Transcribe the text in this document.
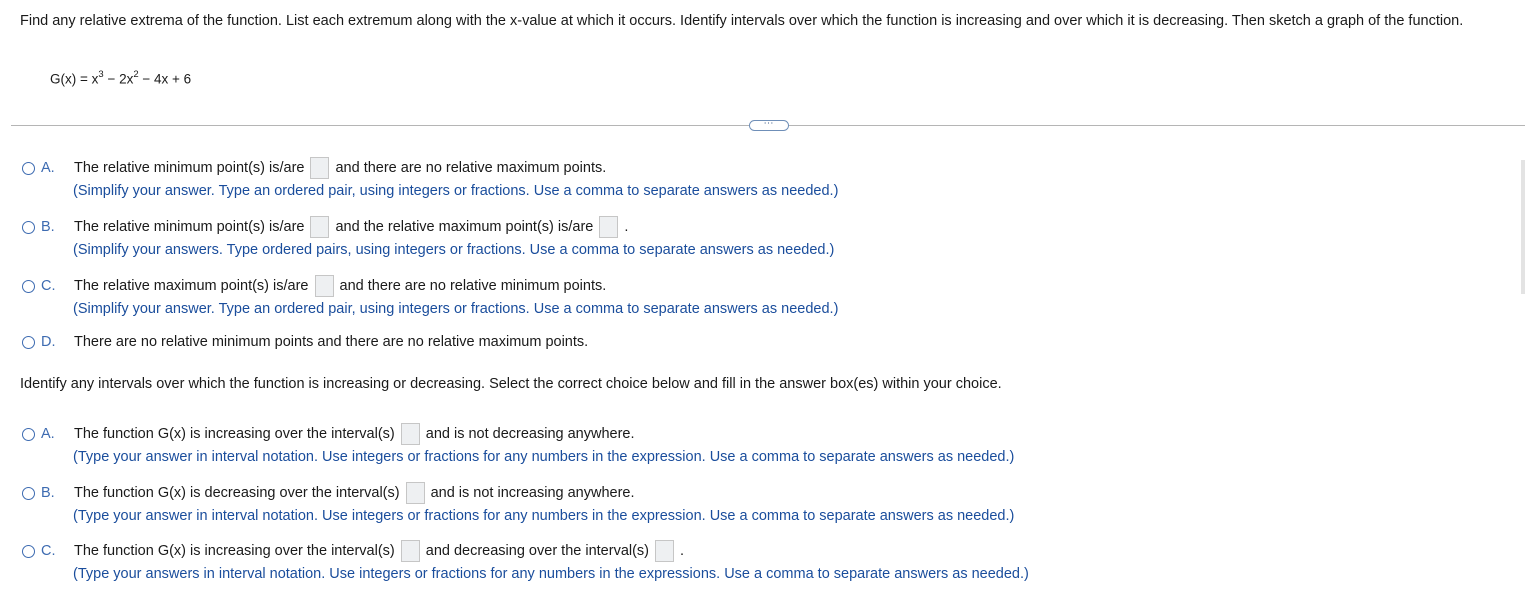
Find any relative extrema of the function. List each extremum along with the x-value at which it occurs. Identify intervals over which the function is increasing and over which it is decreasing. Then sketch a graph of the function.
$G(x) = x^3 - 2x^2 - 4x + 6$
⋯
A.	The relative minimum point(s) is/are and there are no relative maximum points.
(Simplify your answer. Type an ordered pair, using integers or fractions. Use a comma to separate answers as needed.)
B.	The relative minimum point(s) is/are and the relative maximum point(s) is/are .
(Simplify your answers. Type ordered pairs, using integers or fractions. Use a comma to separate answers as needed.)
C.	The relative maximum point(s) is/are and there are no relative minimum points.
(Simplify your answer. Type an ordered pair, using integers or fractions. Use a comma to separate answers as needed.)
D.	There are no relative minimum points and there are no relative maximum points.
Identify any intervals over which the function is increasing or decreasing. Select the correct choice below and fill in the answer box(es) within your choice.
A.	The function G(x) is increasing over the interval(s) and is not decreasing anywhere.
(Type your answer in interval notation. Use integers or fractions for any numbers in the expression. Use a comma to separate answers as needed.)
B.	The function G(x) is decreasing over the interval(s) and is not increasing anywhere.
(Type your answer in interval notation. Use integers or fractions for any numbers in the expression. Use a comma to separate answers as needed.)
C.	The function G(x) is increasing over the interval(s) and decreasing over the interval(s) .
(Type your answers in interval notation. Use integers or fractions for any numbers in the expressions. Use a comma to separate answers as needed.)
